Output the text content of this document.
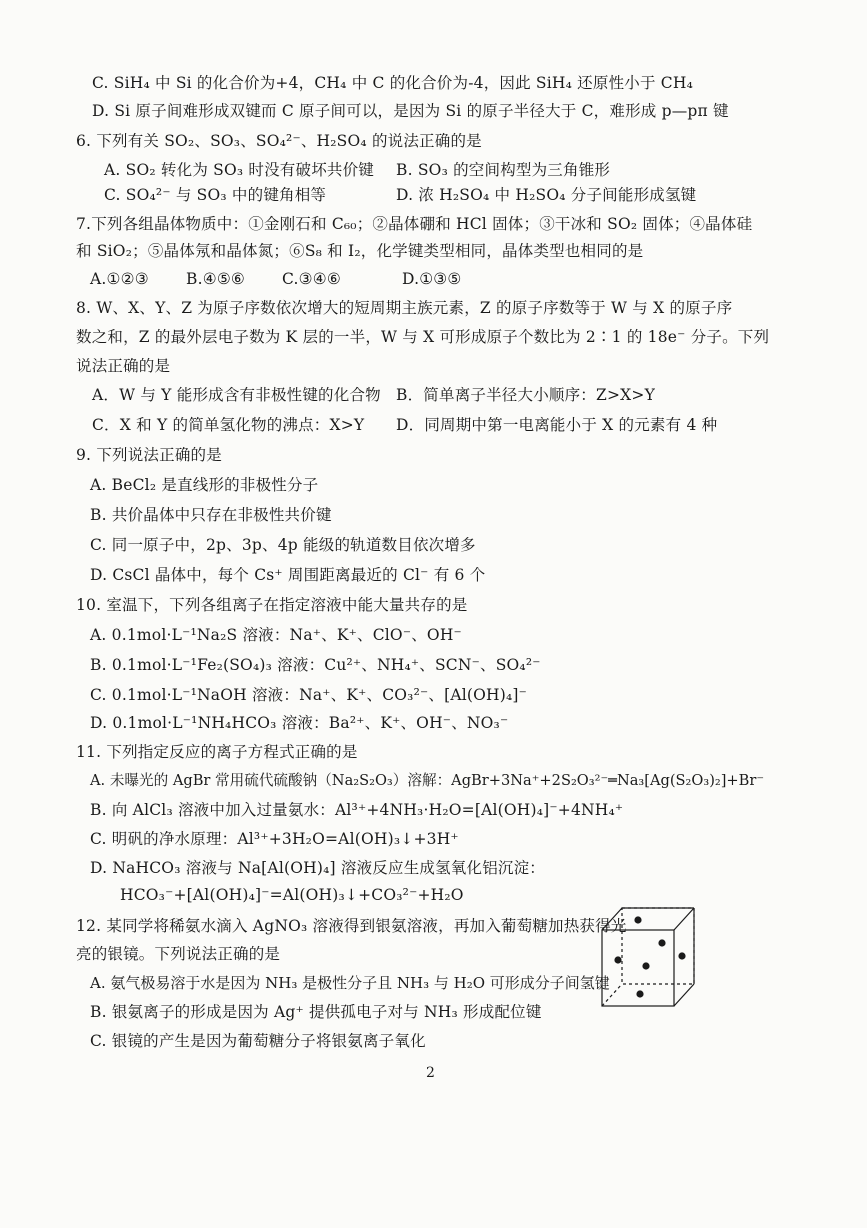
C. SiH₄ 中 Si 的化合价为+4，CH₄ 中 C 的化合价为-4，因此 SiH₄ 还原性小于 CH₄
D. Si 原子间难形成双键而 C 原子间可以，是因为 Si 的原子半径大于 C，难形成 p—pπ 键
6. 下列有关 SO₂、SO₃、SO₄²⁻、H₂SO₄ 的说法正确的是
A. SO₂ 转化为 SO₃ 时没有破坏共价键 B. SO₃ 的空间构型为三角锥形
C. SO₄²⁻ 与 SO₃ 中的键角相等	D. 浓 H₂SO₄ 中 H₂SO₄ 分子间能形成氢键
7.下列各组晶体物质中：①金刚石和 C₆₀；②晶体硼和 HCl 固体；③干冰和 SO₂ 固体；④晶体硅
和 SiO₂；⑤晶体氖和晶体氮；⑥S₈ 和 I₂，化学键类型相同，晶体类型也相同的是
A.①②③ B.④⑤⑥ C.③④⑥	D.①③⑤
8. W、X、Y、Z 为原子序数依次增大的短周期主族元素，Z 的原子序数等于 W 与 X 的原子序
数之和，Z 的最外层电子数为 K 层的一半，W 与 X 可形成原子个数比为 2∶1 的 18e⁻ 分子。下列
说法正确的是
A．W 与 Y 能形成含有非极性键的化合物 B．简单离子半径大小顺序：Z>X>Y
C．X 和 Y 的简单氢化物的沸点：X>Y D．同周期中第一电离能小于 X 的元素有 4 种
9. 下列说法正确的是
A. BeCl₂ 是直线形的非极性分子
B. 共价晶体中只存在非极性共价键
C. 同一原子中，2p、3p、4p 能级的轨道数目依次增多
D. CsCl 晶体中，每个 Cs⁺ 周围距离最近的 Cl⁻ 有 6 个
10. 室温下，下列各组离子在指定溶液中能大量共存的是
A. 0.1mol·L⁻¹Na₂S 溶液：Na⁺、K⁺、ClO⁻、OH⁻
B. 0.1mol·L⁻¹Fe₂(SO₄)₃ 溶液：Cu²⁺、NH₄⁺、SCN⁻、SO₄²⁻
C. 0.1mol·L⁻¹NaOH 溶液：Na⁺、K⁺、CO₃²⁻、[Al(OH)₄]⁻
D. 0.1mol·L⁻¹NH₄HCO₃ 溶液：Ba²⁺、K⁺、OH⁻、NO₃⁻
11. 下列指定反应的离子方程式正确的是
A. 未曝光的 AgBr 常用硫代硫酸钠（Na₂S₂O₃）溶解：AgBr+3Na⁺+2S₂O₃²⁻═Na₃[Ag(S₂O₃)₂]+Br⁻
B. 向 AlCl₃ 溶液中加入过量氨水：Al³⁺+4NH₃·H₂O=[Al(OH)₄]⁻+4NH₄⁺
C. 明矾的净水原理：Al³⁺+3H₂O=Al(OH)₃↓+3H⁺
D. NaHCO₃ 溶液与 Na[Al(OH)₄] 溶液反应生成氢氧化铝沉淀：
HCO₃⁻+[Al(OH)₄]⁻=Al(OH)₃↓+CO₃²⁻+H₂O
12. 某同学将稀氨水滴入 AgNO₃ 溶液得到银氨溶液，再加入葡萄糖加热获得光
亮的银镜。下列说法正确的是
A. 氨气极易溶于水是因为 NH₃ 是极性分子且 NH₃ 与 H₂O 可形成分子间氢键
B. 银氨离子的形成是因为 Ag⁺ 提供孤电子对与 NH₃ 形成配位键
C. 银镜的产生是因为葡萄糖分子将银氨离子氧化
2
